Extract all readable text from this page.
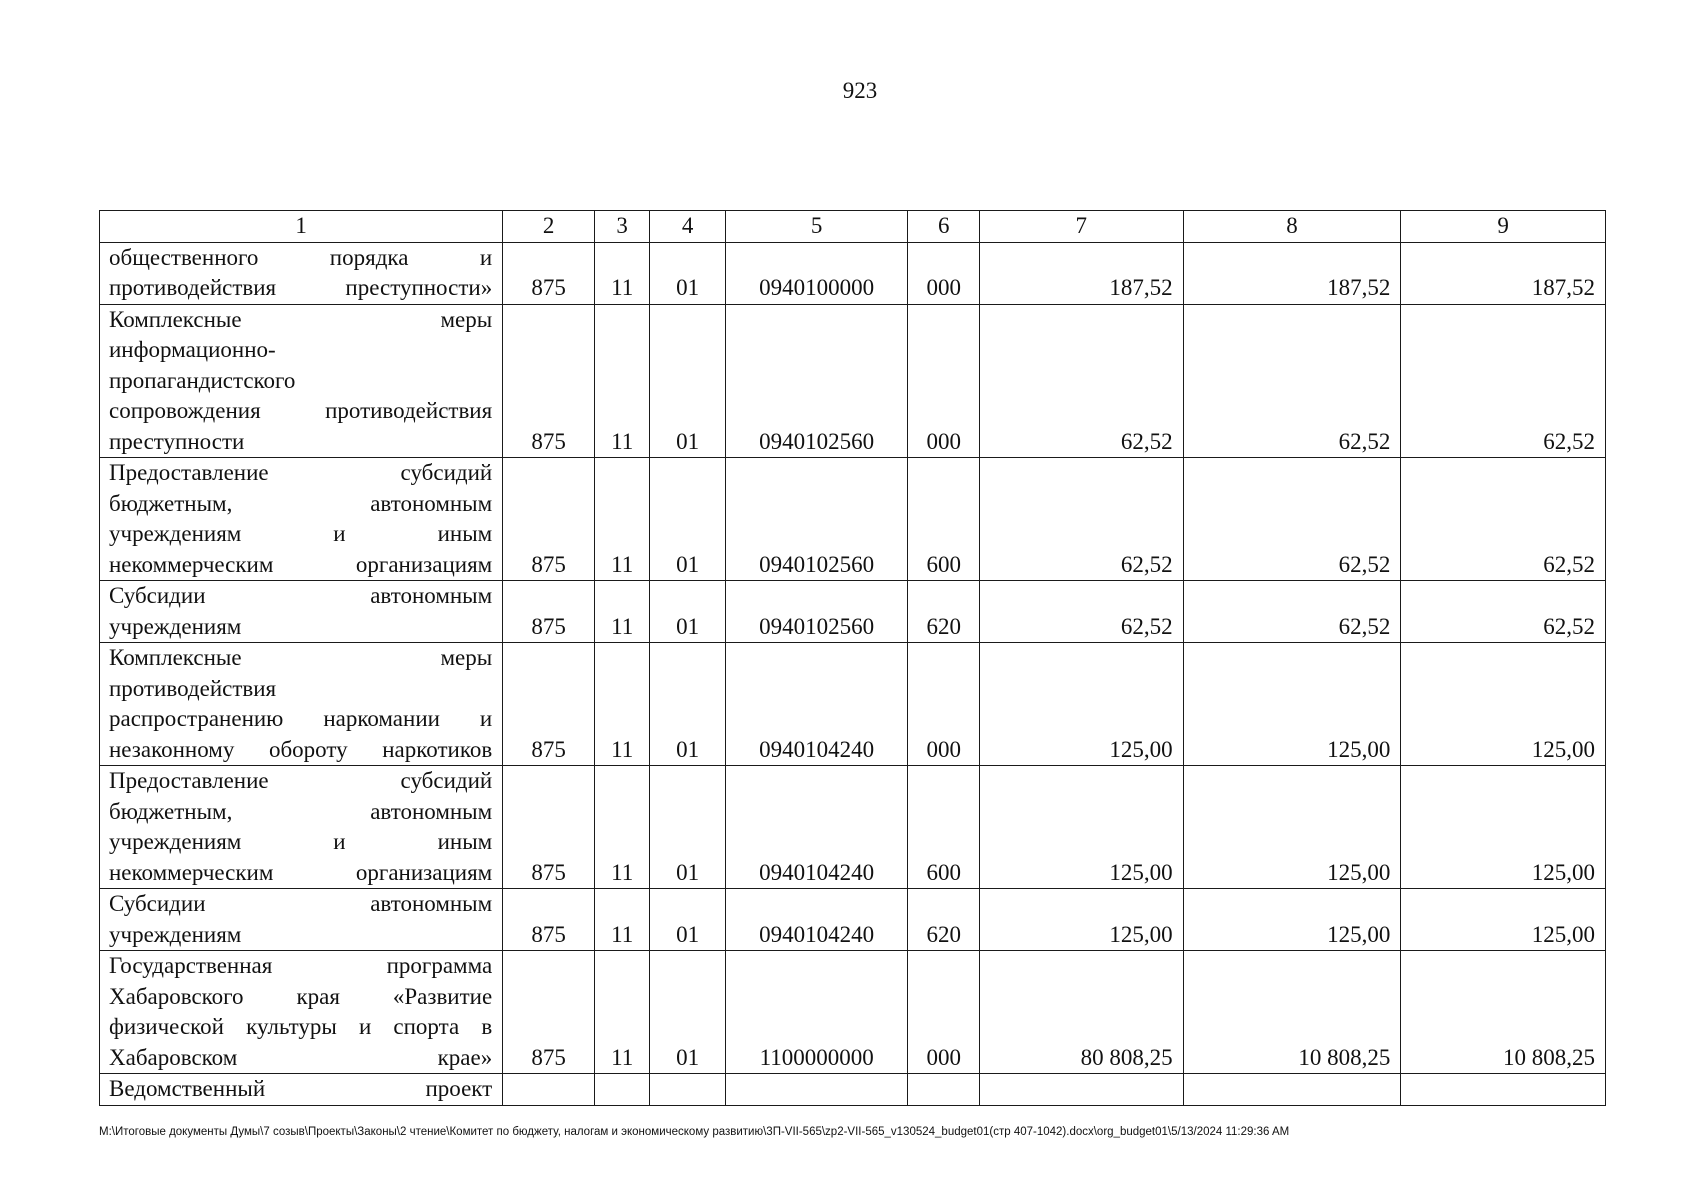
923
1	2	3	4	5	6	7	8	9

общественного порядка и
противодействия преступности»	875	11	01	0940100000	000	187,52	187,52	187,52

Комплексные меры
информационно-
пропагандистского
сопровождения противодействия
преступности	875	11	01	0940102560	000	62,52	62,52	62,52

Предоставление субсидий
бюджетным, автономным
учреждениям и иным
некоммерческим организациям	875	11	01	0940102560	600	62,52	62,52	62,52

Субсидии автономным
учреждениям	875	11	01	0940102560	620	62,52	62,52	62,52

Комплексные меры
противодействия
распространению наркомании и
незаконному обороту наркотиков	875	11	01	0940104240	000	125,00	125,00	125,00

Предоставление субсидий
бюджетным, автономным
учреждениям и иным
некоммерческим организациям	875	11	01	0940104240	600	125,00	125,00	125,00

Субсидии автономным
учреждениям	875	11	01	0940104240	620	125,00	125,00	125,00

Государственная программа
Хабаровского края «Развитие
физической культуры и спорта в
Хабаровском крае»	875	11	01	1100000000	000	80 808,25	10 808,25	10 808,25

Ведомственный проект								

M:\Итоговые документы Думы\7 созыв\Проекты\Законы\2 чтение\Комитет по бюджету, налогам и экономическому развитию\3П-VII-565\zp2-VII-565_v130524_budget01(стр 407-1042).docx\org_budget01\5/13/2024 11:29:36 AM
